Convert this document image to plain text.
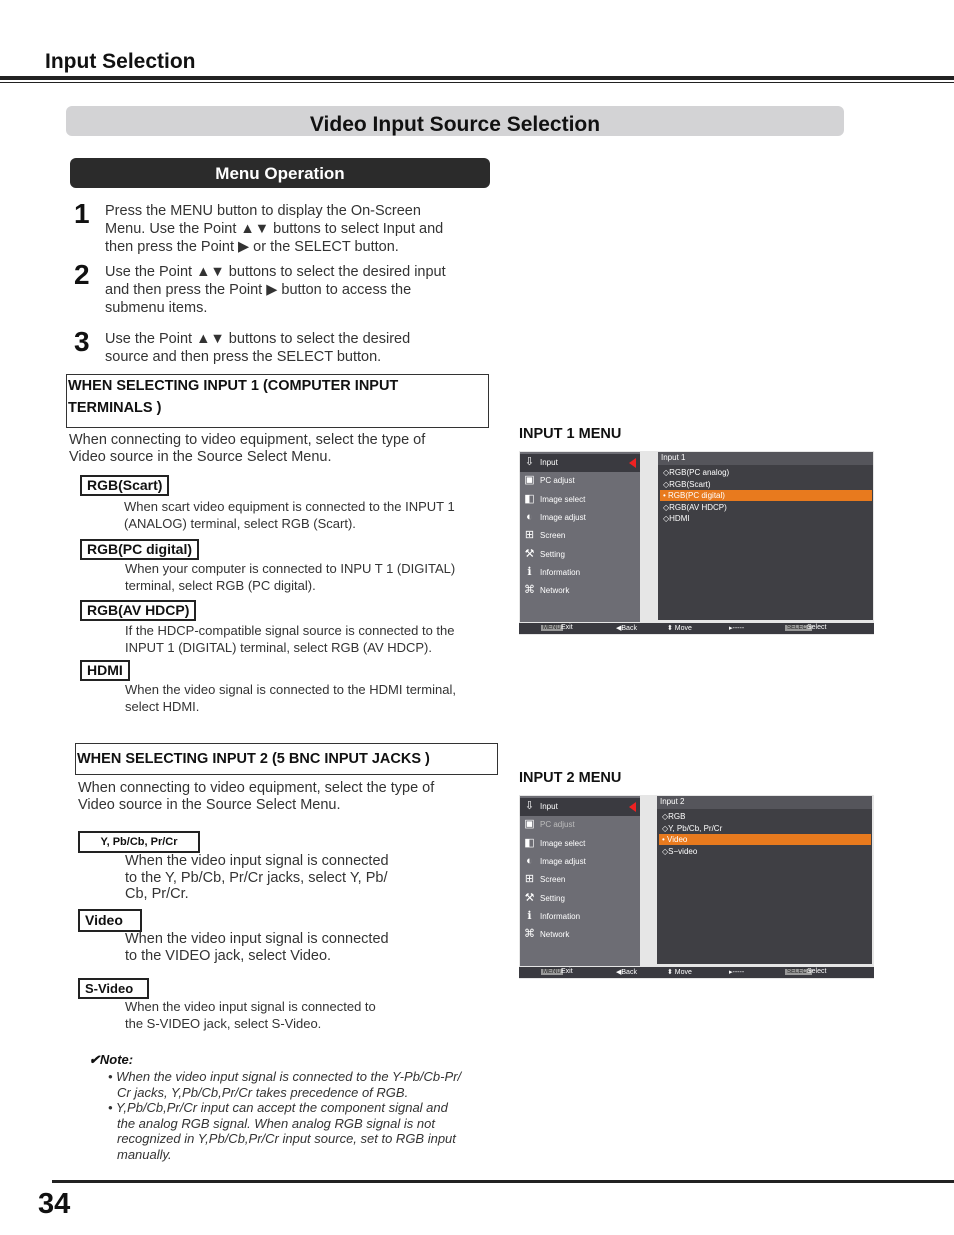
Input Selection
Video Input Source Selection
Menu Operation
1 Press the MENU button to display the On-Screen
Menu. Use the Point ▲▼ buttons to select Input and
then press the Point ▶ or the SELECT button.
2 Use the Point ▲▼ buttons to select the desired input
and then press the Point ▶ button to access the
submenu items.
3 Use the Point ▲▼ buttons to select the desired
source and then press the SELECT button.
WHEN SELECTING INPUT 1 (COMPUTER INPUT
TERMINALS )
When connecting to video equipment, select the type of
Video source in the Source Select Menu.
RGB(Scart)
When scart video equipment is connected to the INPUT 1
(ANALOG) terminal, select RGB (Scart).
RGB(PC digital)
When your computer is connected to INPU T 1 (DIGITAL)
terminal, select RGB (PC digital).
RGB(AV HDCP)
If the HDCP-compatible signal source is connected to the
INPUT 1 (DIGITAL) terminal, select RGB (AV HDCP).
HDMI
When the video signal is connected to the HDMI terminal,
select HDMI.
WHEN SELECTING INPUT 2 (5 BNC INPUT JACKS )
When connecting to video equipment, select the type of
Video source in the Source Select Menu.
Y, Pb/Cb, Pr/Cr
When the video input signal is connected
to the Y, Pb/Cb, Pr/Cr jacks, select Y, Pb/
Cb, Pr/Cr.
Video
When the video input signal is connected
to the VIDEO jack, select Video.
S-Video
When the video input signal is connected to
the S-VIDEO jack, select S-Video.
✔Note:
• When the video input signal is connected to the Y-Pb/Cb-Pr/
Cr jacks, Y,Pb/Cb,Pr/Cr takes precedence of RGB.
• Y,Pb/Cb,Pr/Cr input can accept the component signal and
the analog RGB signal. When analog RGB signal is not
recognized in Y,Pb/Cb,Pr/Cr input source, set to RGB input
manually.
INPUT 1 MENU
⇩ Input
▣ PC adjust
◧ Image select
◐ Image adjust
⊞ Screen
⚒ Setting
ℹ	Information
⌘ Network
Input 1
◇RGB(PC analog)
◇RGB(Scart)
• RGB(PC digital)
◇RGB(AV HDCP)
◇HDMI
MENU Exit	◀Back	⬍ Move	▸-----	SELECT
Select
INPUT 2 MENU
⇩ Input
▣ PC adjust
◧ Image select
◐ Image adjust
⊞ Screen
⚒ Setting
ℹ	Information
⌘ Network
Input 2
◇RGB
◇Y, Pb/Cb, Pr/Cr
• Video
◇S−video
MENU Exit	◀Back	⬍ Move	▸-----	SELECT
Select
34
